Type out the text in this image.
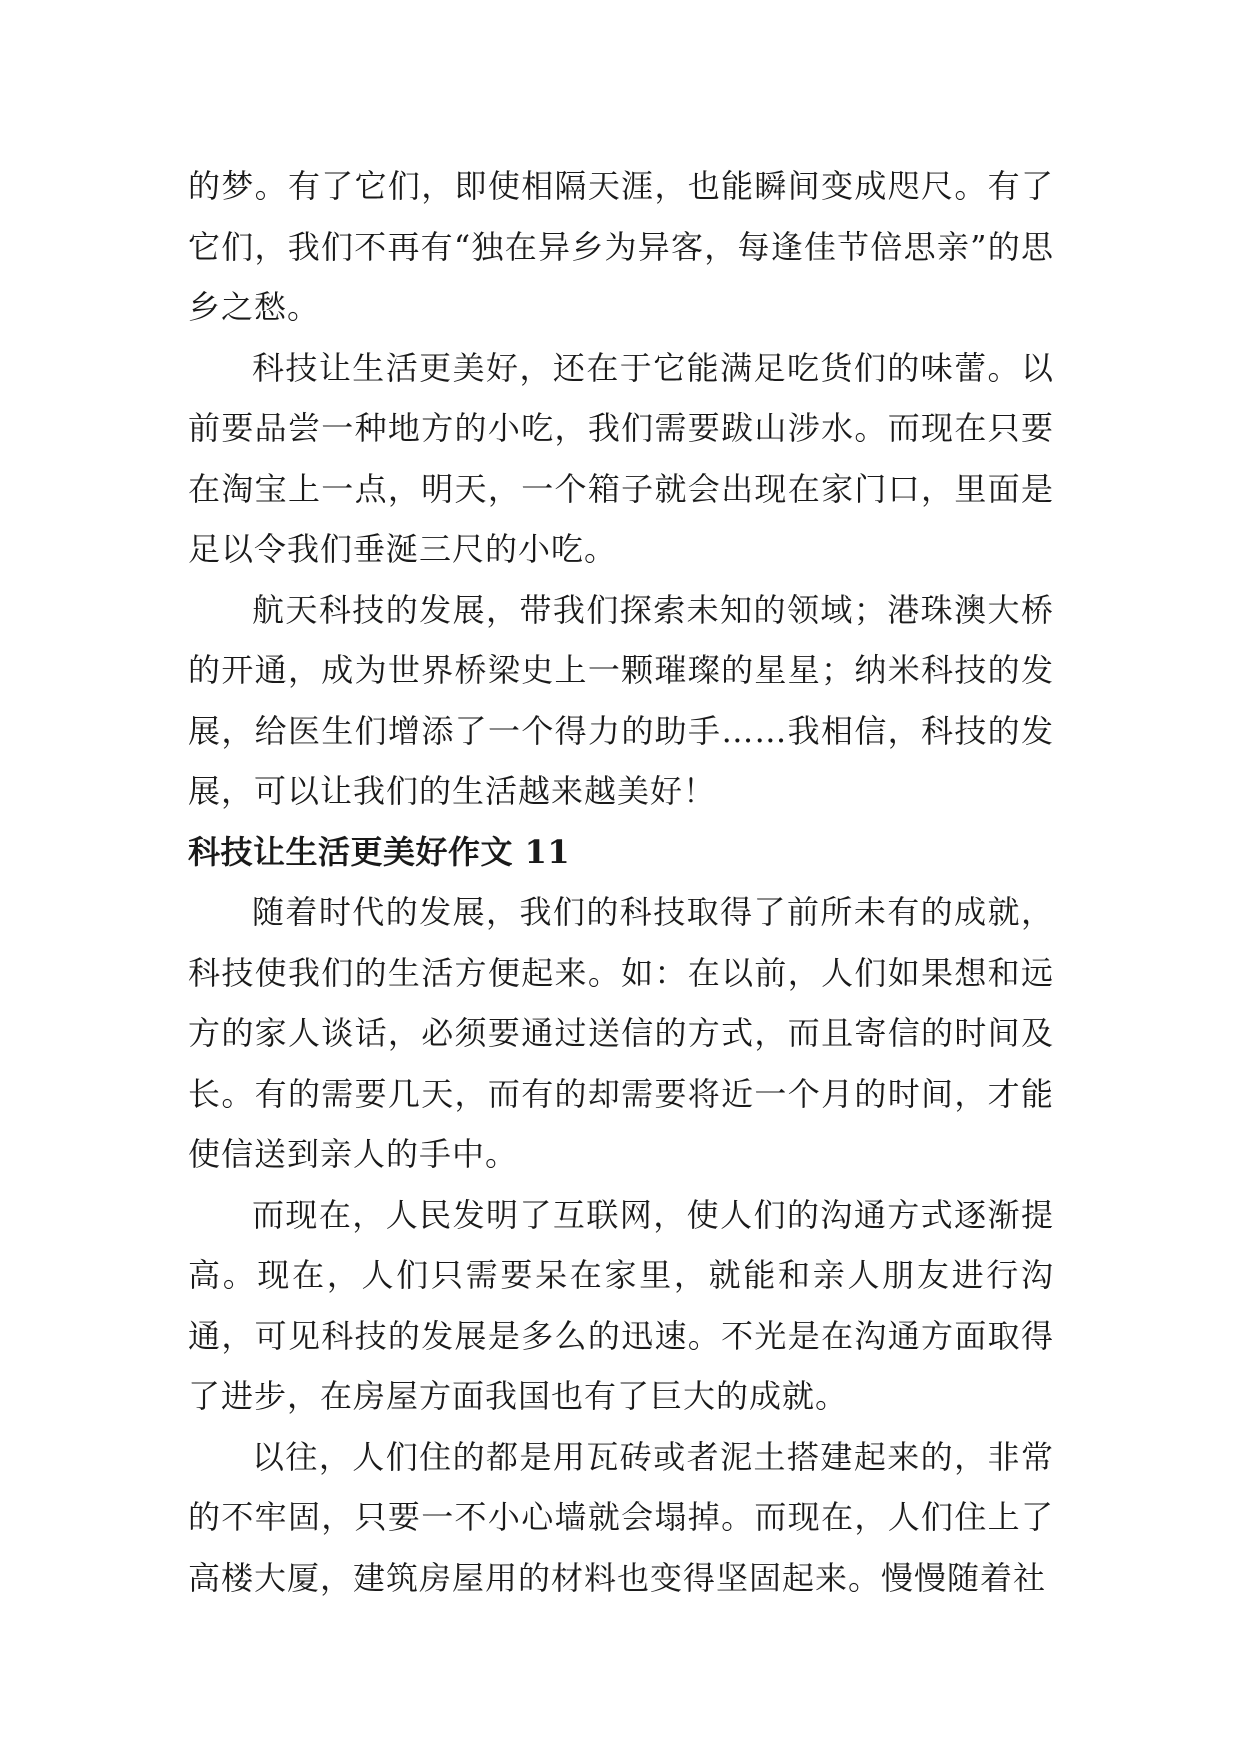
的梦。有了它们，即使相隔天涯，也能瞬间变成咫尺。有了它们，我们不再有“独在异乡为异客，每逢佳节倍思亲”的思乡之愁。

科技让生活更美好，还在于它能满足吃货们的味蕾。以前要品尝一种地方的小吃，我们需要跋山涉水。而现在只要在淘宝上一点，明天，一个箱子就会出现在家门口，里面是足以令我们垂涎三尺的小吃。

航天科技的发展，带我们探索未知的领域；港珠澳大桥的开通，成为世界桥梁史上一颗璀璨的星星；纳米科技的发展，给医生们增添了一个得力的助手……我相信，科技的发展，可以让我们的生活越来越美好！

科技让生活更美好作文 11

随着时代的发展，我们的科技取得了前所未有的成就，科技使我们的生活方便起来。如：在以前，人们如果想和远方的家人谈话，必须要通过送信的方式，而且寄信的时间及长。有的需要几天，而有的却需要将近一个月的时间，才能使信送到亲人的手中。

而现在，人民发明了互联网，使人们的沟通方式逐渐提高。现在，人们只需要呆在家里，就能和亲人朋友进行沟通，可见科技的发展是多么的迅速。不光是在沟通方面取得了进步，在房屋方面我国也有了巨大的成就。

以往，人们住的都是用瓦砖或者泥土搭建起来的，非常的不牢固，只要一不小心墙就会塌掉。而现在，人们住上了高楼大厦，建筑房屋用的材料也变得坚固起来。慢慢随着社
